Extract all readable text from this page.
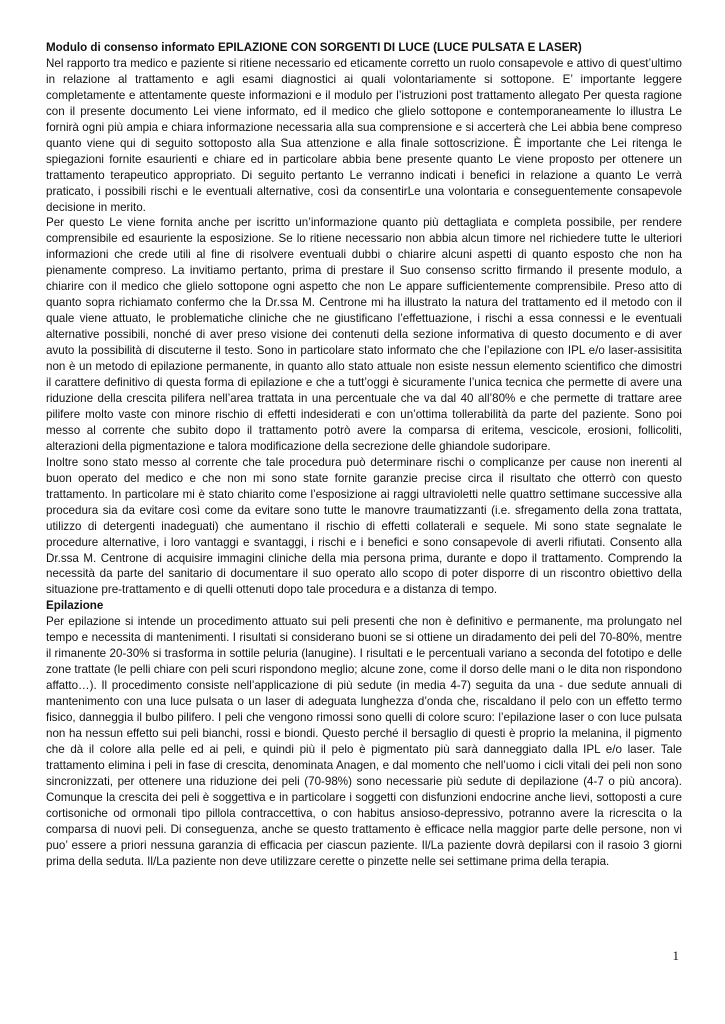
Modulo di consenso informato EPILAZIONE CON SORGENTI DI LUCE (LUCE PULSATA E LASER)

Nel rapporto tra medico e paziente si ritiene necessario ed eticamente corretto un ruolo consapevole e attivo di quest’ultimo in relazione al trattamento e agli esami diagnostici ai quali volontariamente si sottopone. E’ importante leggere completamente e attentamente queste informazioni e il modulo per l’istruzioni post trattamento allegato Per questa ragione con il presente documento Lei viene informato, ed il medico che glielo sottopone e contemporaneamente lo illustra Le fornirà ogni più ampia e chiara informazione necessaria alla sua comprensione e si accerterà che Lei abbia bene compreso quanto viene qui di seguito sottoposto alla Sua attenzione e alla finale sottoscrizione. È importante che Lei ritenga le spiegazioni fornite esaurienti e chiare ed in particolare abbia bene presente quanto Le viene proposto per ottenere un trattamento terapeutico appropriato. Di seguito pertanto Le verranno indicati i benefici in relazione a quanto Le verrà praticato, i possibili rischi e le eventuali alternative, così da consentirLe una volontaria e conseguentemente consapevole decisione in merito.

Per questo Le viene fornita anche per iscritto un’informazione quanto più dettagliata e completa possibile, per rendere comprensibile ed esauriente la esposizione. Se lo ritiene necessario non abbia alcun timore nel richiedere tutte le ulteriori informazioni che crede utili al fine di risolvere eventuali dubbi o chiarire alcuni aspetti di quanto esposto che non ha pienamente compreso. La invitiamo pertanto, prima di prestare il Suo consenso scritto firmando il presente modulo, a chiarire con il medico che glielo sottopone ogni aspetto che non Le appare sufficientemente comprensibile. Preso atto di quanto sopra richiamato confermo che la Dr.ssa M. Centrone mi ha illustrato la natura del trattamento ed il metodo con il quale viene attuato, le problematiche cliniche che ne giustificano l’effettuazione, i rischi a essa connessi e le eventuali alternative possibili, nonché di aver preso visione dei contenuti della sezione informativa di questo documento e di aver avuto la possibilità di discuterne il testo. Sono in particolare stato informato che che l’epilazione con IPL e/o laser-assisitita non è un metodo di epilazione permanente, in quanto allo stato attuale non esiste nessun elemento scientifico che dimostri il carattere definitivo di questa forma di epilazione e che a tutt’oggi è sicuramente l’unica tecnica che permette di avere una riduzione della crescita pilifera nell’area trattata in una percentuale che va dal 40 all’80% e che permette di trattare aree pilifere molto vaste con minore rischio di effetti indesiderati e con un’ottima tollerabilità da parte del paziente. Sono poi messo al corrente che subito dopo il trattamento potrò avere la comparsa di eritema, vescicole, erosioni, follicoliti, alterazioni della pigmentazione e talora modificazione della secrezione delle ghiandole sudoripare.

Inoltre sono stato messo al corrente che tale procedura può determinare rischi o complicanze per cause non inerenti al buon operato del medico e che non mi sono state fornite garanzie precise circa il risultato che otterrò con questo trattamento. In particolare mi è stato chiarito come l’esposizione ai raggi ultravioletti nelle quattro settimane successive alla procedura sia da evitare così come da evitare sono tutte le manovre traumatizzanti (i.e. sfregamento della zona trattata, utilizzo di detergenti inadeguati) che aumentano il rischio di effetti collaterali e sequele. Mi sono state segnalate le procedure alternative, i loro vantaggi e svantaggi, i rischi e i benefici e sono consapevole di averli rifiutati. Consento alla Dr.ssa M. Centrone di acquisire immagini cliniche della mia persona prima, durante e dopo il trattamento. Comprendo la necessità da parte del sanitario di documentare il suo operato allo scopo di poter disporre di un riscontro obiettivo della situazione pre-trattamento e di quelli ottenuti dopo tale procedura e a distanza di tempo.

Epilazione

Per epilazione si intende un procedimento attuato sui peli presenti che non è definitivo e permanente, ma prolungato nel tempo e necessita di mantenimenti. I risultati si considerano buoni se si ottiene un diradamento dei peli del 70-80%, mentre il rimanente 20-30% si trasforma in sottile peluria (lanugine). I risultati e le percentuali variano a seconda del fototipo e delle zone trattate (le pelli chiare con peli scuri rispondono meglio; alcune zone, come il dorso delle mani o le dita non rispondono affatto…). Il procedimento consiste nell’applicazione di più sedute (in media 4-7) seguita da una - due sedute annuali di mantenimento con una luce pulsata o un laser di adeguata lunghezza d’onda che, riscaldano il pelo con un effetto termo fisico, danneggia il bulbo pilifero. I peli che vengono rimossi sono quelli di colore scuro: l’epilazione laser o con luce pulsata non ha nessun effetto sui peli bianchi, rossi e biondi. Questo perché il bersaglio di questi è proprio la melanina, il pigmento che dà il colore alla pelle ed ai peli, e quindi più il pelo è pigmentato più sarà danneggiato dalla IPL e/o laser. Tale trattamento elimina i peli in fase di crescita, denominata Anagen, e dal momento che nell’uomo i cicli vitali dei peli non sono sincronizzati, per ottenere una riduzione dei peli (70-98%) sono necessarie più sedute di depilazione (4-7 o più ancora). Comunque la crescita dei peli è soggettiva e in particolare i soggetti con disfunzioni endocrine anche lievi, sottoposti a cure cortisoniche od ormonali tipo pillola contraccettiva, o con habitus ansioso-depressivo, potranno avere la ricrescita o la comparsa di nuovi peli. Di conseguenza, anche se questo trattamento è efficace nella maggior parte delle persone, non vi puo’ essere a priori nessuna garanzia di efficacia per ciascun paziente. Il/La paziente dovrà depilarsi con il rasoio 3 giorni prima della seduta. Il/La paziente non deve utilizzare cerette o pinzette nelle sei settimane prima della terapia.

1
